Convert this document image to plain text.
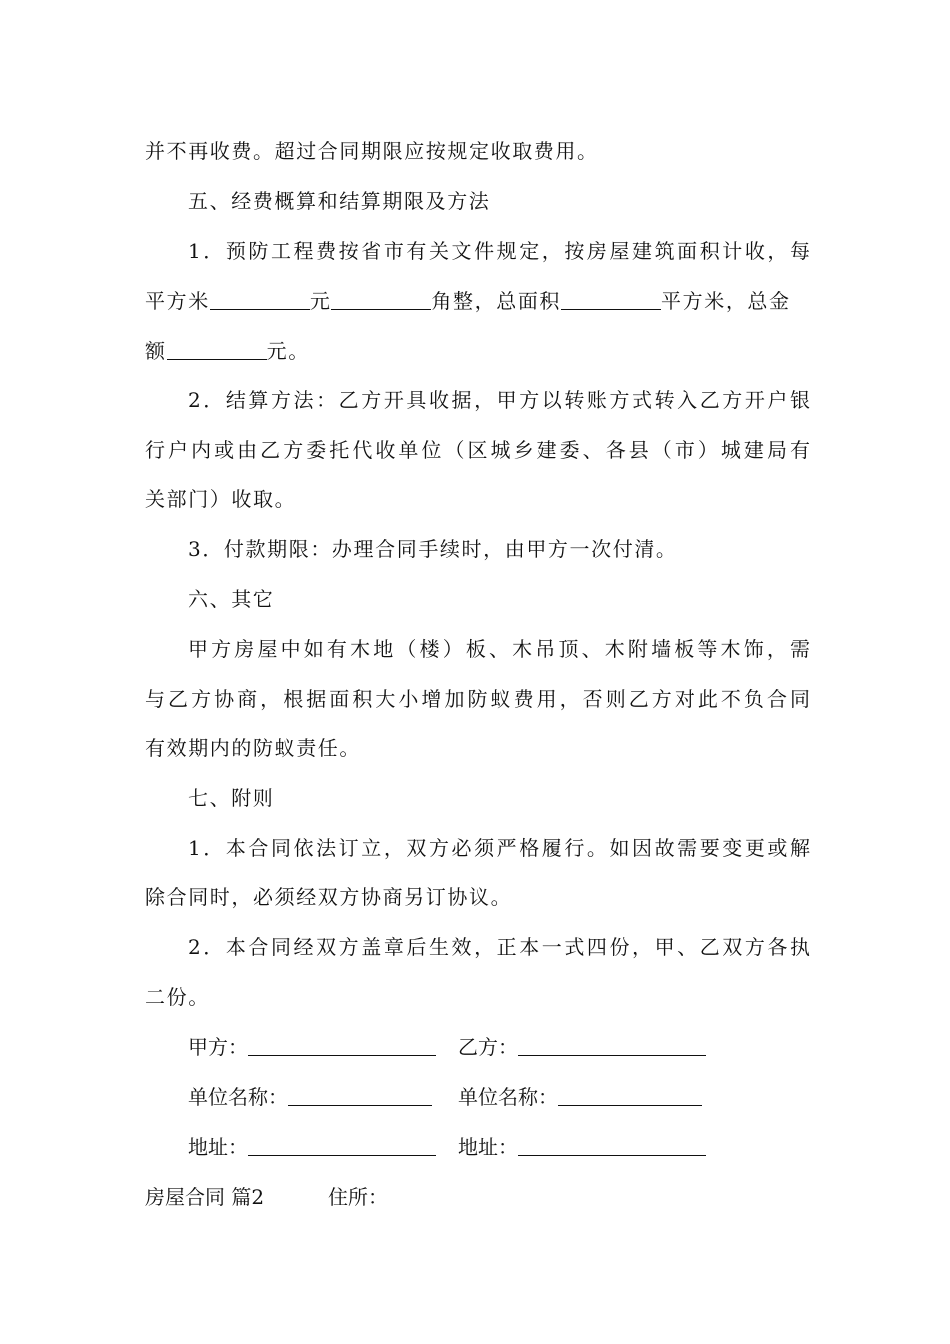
并不再收费。超过合同期限应按规定收取费用。
五、经费概算和结算期限及方法
1．预防工程费按省市有关文件规定，按房屋建筑面积计收，每
平方米	元	角整，总面积	平方米，总金
额	元。
2．结算方法：乙方开具收据，甲方以转账方式转入乙方开户银
行户内或由乙方委托代收单位（区城乡建委、各县（市）城建局有
关部门）收取。
3．付款期限：办理合同手续时，由甲方一次付清。
六、其它
甲方房屋中如有木地（楼）板、木吊顶、木附墙板等木饰，需
与乙方协商，根据面积大小增加防蚁费用，否则乙方对此不负合同
有效期内的防蚁责任。
七、附则
1．本合同依法订立，双方必须严格履行。如因故需要变更或解
除合同时，必须经双方协商另订协议。
2．本合同经双方盖章后生效，正本一式四份，甲、乙双方各执
二份。
甲方：	乙方：
单位名称：	单位名称：
地址：	地址：
房屋合同 篇2	住所：
